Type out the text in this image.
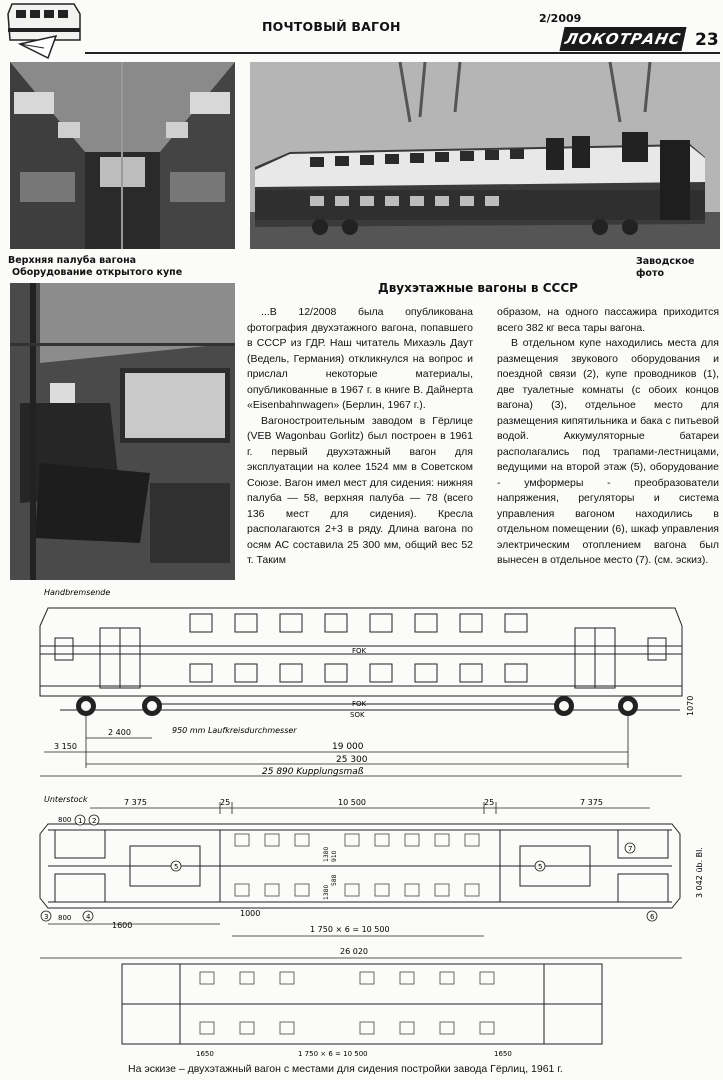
ПОЧТОВЫЙ ВАГОН
2/2009
ЛОКОТРАНС 23
Верхняя палуба вагона
Оборудование открытого купе
Заводское фото
Двухэтажные вагоны в СССР

...В 12/2008 была опубликована фотография двухэтажного вагона, попавшего в СССР из ГДР. Наш читатель Михаэль Даут (Ведель, Германия) откликнулся на вопрос и прислал некоторые материалы, опубликованные в 1967 г. в книге В. Дайнерта «Eisenbahnwagen» (Берлин, 1967 г.).

Вагоностроительным заводом в Гёрлице (VEB Wagonbau Gorlitz) был построен в 1961 г. первый двухэтажный вагон для эксплуатации на колее 1524 мм в Советском Союзе. Вагон имел мест для сидения: нижняя палуба — 58, верхняя палуба — 78 (всего 136 мест для сидения). Кресла располагаются 2+3 в ряду. Длина вагона по осям АС составила 25 300 мм, общий вес 52 т. Таким

образом, на одного пассажира приходится всего 382 кг веса тары вагона.

В отдельном купе находились места для размещения звукового оборудования и поездной связи (2), купе проводников (1), две туалетные комнаты (с обоих концов вагона) (3), отдельное место для размещения кипятильника и бака с питьевой водой. Аккумуляторные батареи располагались под трапами-лестницами, ведущими на второй этаж (5), оборудование - умформеры - преобразователи напряжения, регуляторы и система управления вагоном находились в отдельном помещении (6), шкаф управления электрическим отоплением вагона был вынесен в отдельное место (7). (см. эскиз).

Handbremsende
FOK
FOK
SOK
950 mm Laufkreisdurchmesser
1070
2 400
3 150	19 000
25 300
25 890 Kupplungsmaß
Unterstock	7 375	25	10 500	25	7 375
1 2
3	4
5	5
6
7
800
800
1600
1000
1 750 × 6 = 10 500
26 020
1380
1380
910
588	3 042 üb. Bl.
1650	1 750 × 6 = 10 500	1650
На эскизе – двухэтажный вагон с местами для сидения постройки завода Гёрлиц, 1961 г.
